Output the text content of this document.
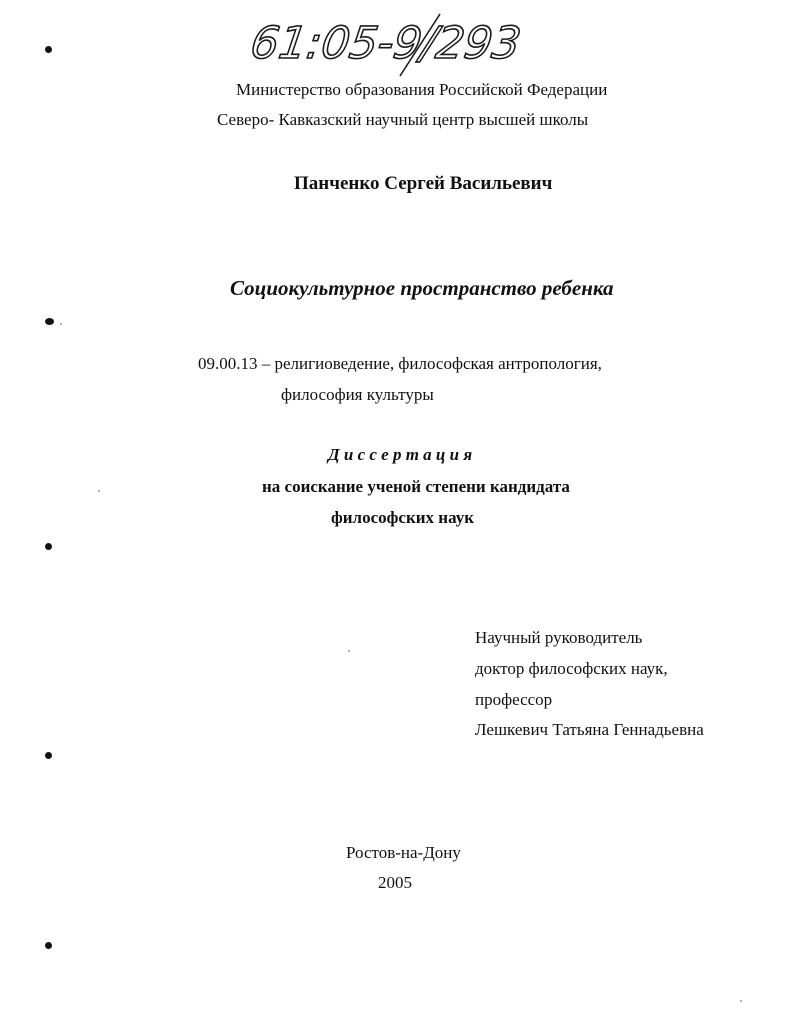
61:05-9/293
Министерство образования Российской Федерации
Северо- Кавказский научный центр высшей школы
Панченко Сергей Васильевич
Социокультурное пространство ребенка
09.00.13 – религиоведение, философская антропология,
философия культуры
Д и с с е р т а ц и я
на соискание ученой степени кандидата
философских наук
Научный руководитель
доктор философских наук,
профессор
Лешкевич Татьяна Геннадьевна
Ростов-на-Дону
2005
